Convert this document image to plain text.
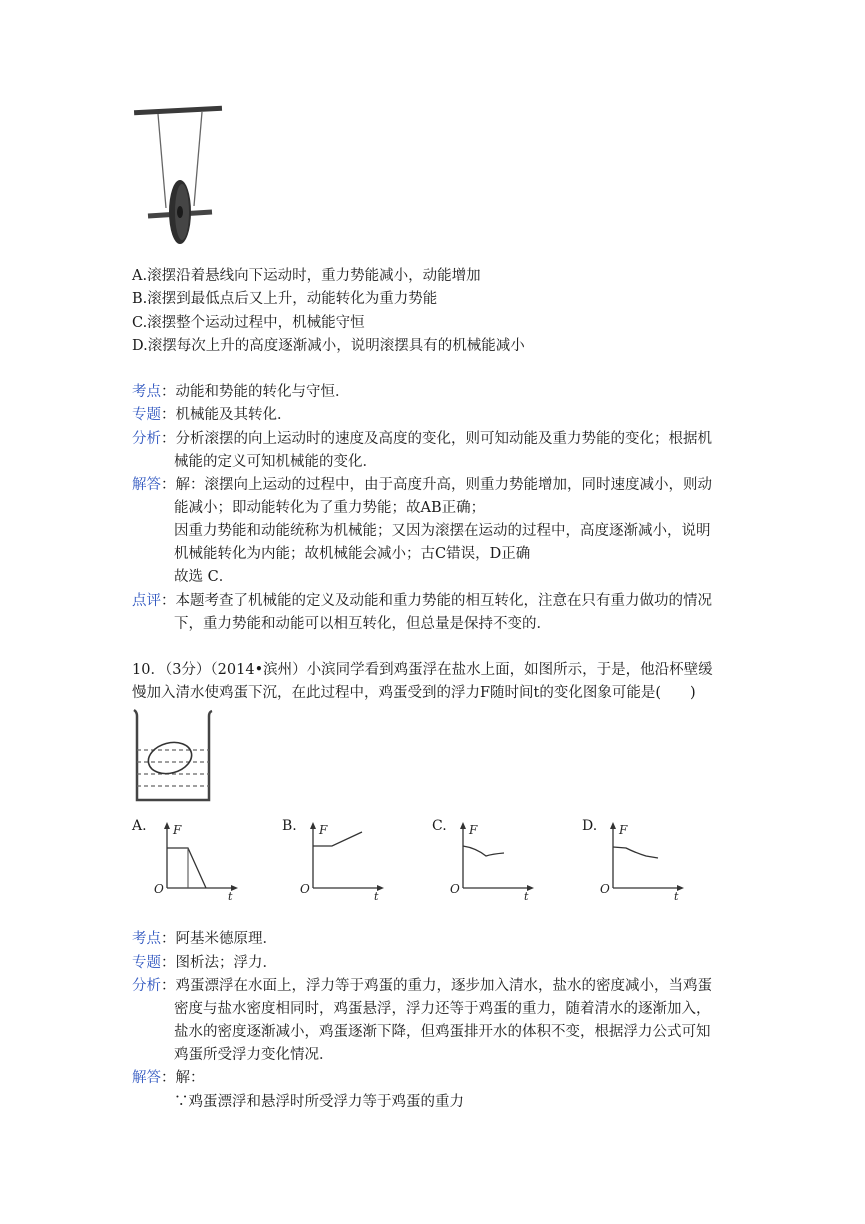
A.滚摆沿着悬线向下运动时，重力势能减小，动能增加
B.滚摆到最低点后又上升，动能转化为重力势能
C.滚摆整个运动过程中，机械能守恒
D.滚摆每次上升的高度逐渐减小，说明滚摆具有的机械能减小
考点：动能和势能的转化与守恒．
专题：机械能及其转化．
分析：分析滚摆的向上运动时的速度及高度的变化，则可知动能及重力势能的变化；根据机
械能的定义可知机械能的变化．
解答：解：滚摆向上运动的过程中，由于高度升高，则重力势能增加，同时速度减小，则动
能减小；即动能转化为了重力势能；故AB正确；
因重力势能和动能统称为机械能；又因为滚摆在运动的过程中，高度逐渐减小，说明
机械能转化为内能；故机械能会减小；古C错误，D正确
故选 C．
点评：本题考查了机械能的定义及动能和重力势能的相互转化，注意在只有重力做功的情况
下，重力势能和动能可以相互转化，但总量是保持不变的．
10．（3分）（2014•滨州）小滨同学看到鸡蛋浮在盐水上面，如图所示，于是，他沿杯壁缓
慢加入清水使鸡蛋下沉，在此过程中，鸡蛋受到的浮力F随时间t的变化图象可能是(　　)
A.	B.	C.	D.
F
O
t
F
O
t
F
O
t
F
O
t
考点：阿基米德原理．
专题：图析法；浮力．
分析：鸡蛋漂浮在水面上，浮力等于鸡蛋的重力，逐步加入清水，盐水的密度减小，当鸡蛋
密度与盐水密度相同时，鸡蛋悬浮，浮力还等于鸡蛋的重力，随着清水的逐渐加入，
盐水的密度逐渐减小，鸡蛋逐渐下降，但鸡蛋排开水的体积不变，根据浮力公式可知
鸡蛋所受浮力变化情况．
解答：解：
∵鸡蛋漂浮和悬浮时所受浮力等于鸡蛋的重力
